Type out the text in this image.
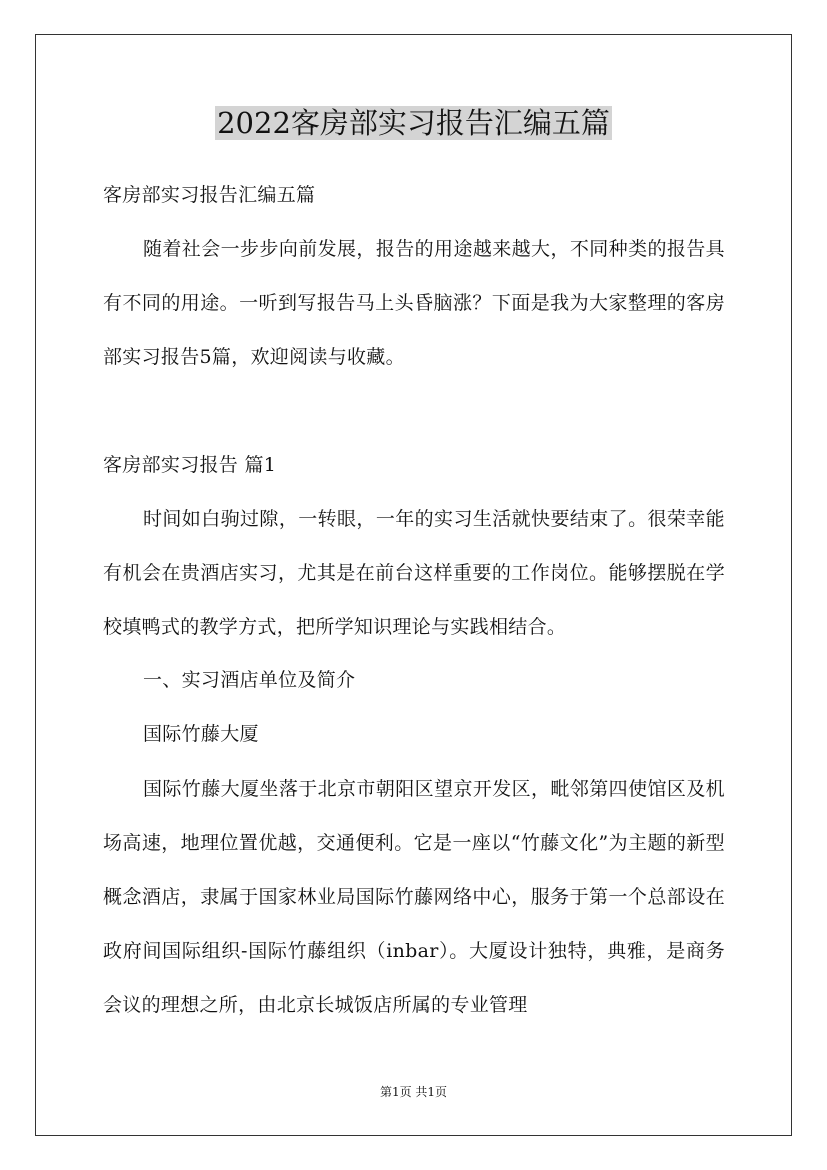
2022客房部实习报告汇编五篇

客房部实习报告汇编五篇

随着社会一步步向前发展，报告的用途越来越大，不同种类的报告具有不同的用途。一听到写报告马上头昏脑涨？下面是我为大家整理的客房部实习报告5篇，欢迎阅读与收藏。

客房部实习报告 篇1

时间如白驹过隙，一转眼，一年的实习生活就快要结束了。很荣幸能有机会在贵酒店实习，尤其是在前台这样重要的工作岗位。能够摆脱在学校填鸭式的教学方式，把所学知识理论与实践相结合。

一、实习酒店单位及简介

国际竹藤大厦

国际竹藤大厦坐落于北京市朝阳区望京开发区，毗邻第四使馆区及机场高速，地理位置优越，交通便利。它是一座以“竹藤文化”为主题的新型概念酒店，隶属于国家林业局国际竹藤网络中心，服务于第一个总部设在政府间国际组织-国际竹藤组织（inbar）。大厦设计独特，典雅，是商务会议的理想之所，由北京长城饭店所属的专业管理

第1页 共1页
